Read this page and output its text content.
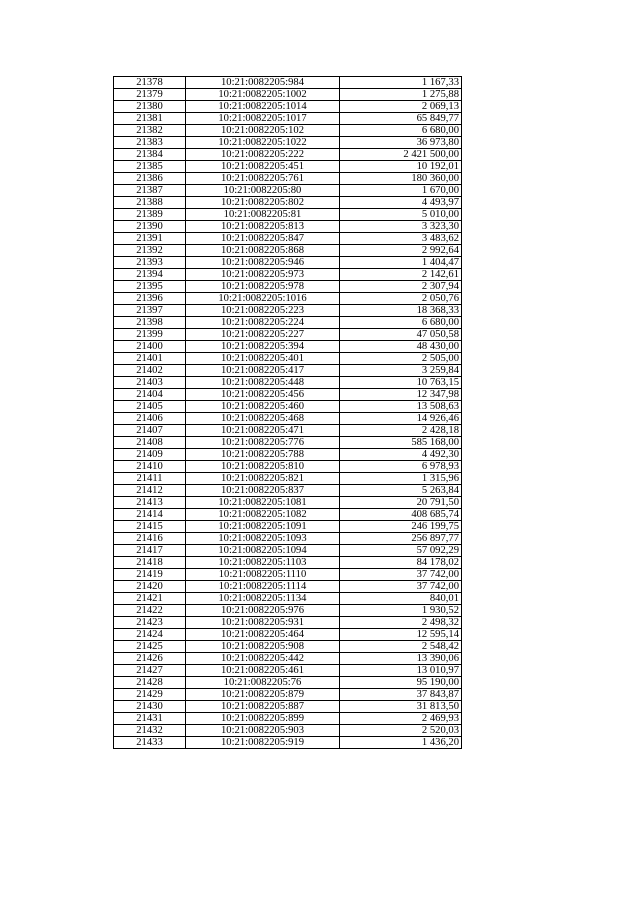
21378	10:21:0082205:984	1 167,33
21379	10:21:0082205:1002	1 275,88
21380	10:21:0082205:1014	2 069,13
21381	10:21:0082205:1017	65 849,77
21382	10:21:0082205:102	6 680,00
21383	10:21:0082205:1022	36 973,80
21384	10:21:0082205:222	2 421 500,00
21385	10:21:0082205:451	10 192,01
21386	10:21:0082205:761	180 360,00
21387	10:21:0082205:80	1 670,00
21388	10:21:0082205:802	4 493,97
21389	10:21:0082205:81	5 010,00
21390	10:21:0082205:813	3 323,30
21391	10:21:0082205:847	3 483,62
21392	10:21:0082205:868	2 992,64
21393	10:21:0082205:946	1 404,47
21394	10:21:0082205:973	2 142,61
21395	10:21:0082205:978	2 307,94
21396	10:21:0082205:1016	2 050,76
21397	10:21:0082205:223	18 368,33
21398	10:21:0082205:224	6 680,00
21399	10:21:0082205:227	47 050,58
21400	10:21:0082205:394	48 430,00
21401	10:21:0082205:401	2 505,00
21402	10:21:0082205:417	3 259,84
21403	10:21:0082205:448	10 763,15
21404	10:21:0082205:456	12 347,98
21405	10:21:0082205:460	13 508,63
21406	10:21:0082205:468	14 926,46
21407	10:21:0082205:471	2 428,18
21408	10:21:0082205:776	585 168,00
21409	10:21:0082205:788	4 492,30
21410	10:21:0082205:810	6 978,93
21411	10:21:0082205:821	1 315,96
21412	10:21:0082205:837	5 263,84
21413	10:21:0082205:1081	20 791,50
21414	10:21:0082205:1082	408 685,74
21415	10:21:0082205:1091	246 199,75
21416	10:21:0082205:1093	256 897,77
21417	10:21:0082205:1094	57 092,29
21418	10:21:0082205:1103	84 178,02
21419	10:21:0082205:1110	37 742,00
21420	10:21:0082205:1114	37 742,00
21421	10:21:0082205:1134	840,01
21422	10:21:0082205:976	1 930,52
21423	10:21:0082205:931	2 498,32
21424	10:21:0082205:464	12 595,14
21425	10:21:0082205:908	2 548,42
21426	10:21:0082205:442	13 390,06
21427	10:21:0082205:461	13 010,97
21428	10:21:0082205:76	95 190,00
21429	10:21:0082205:879	37 843,87
21430	10:21:0082205:887	31 813,50
21431	10:21:0082205:899	2 469,93
21432	10:21:0082205:903	2 520,03
21433	10:21:0082205:919	1 436,20
